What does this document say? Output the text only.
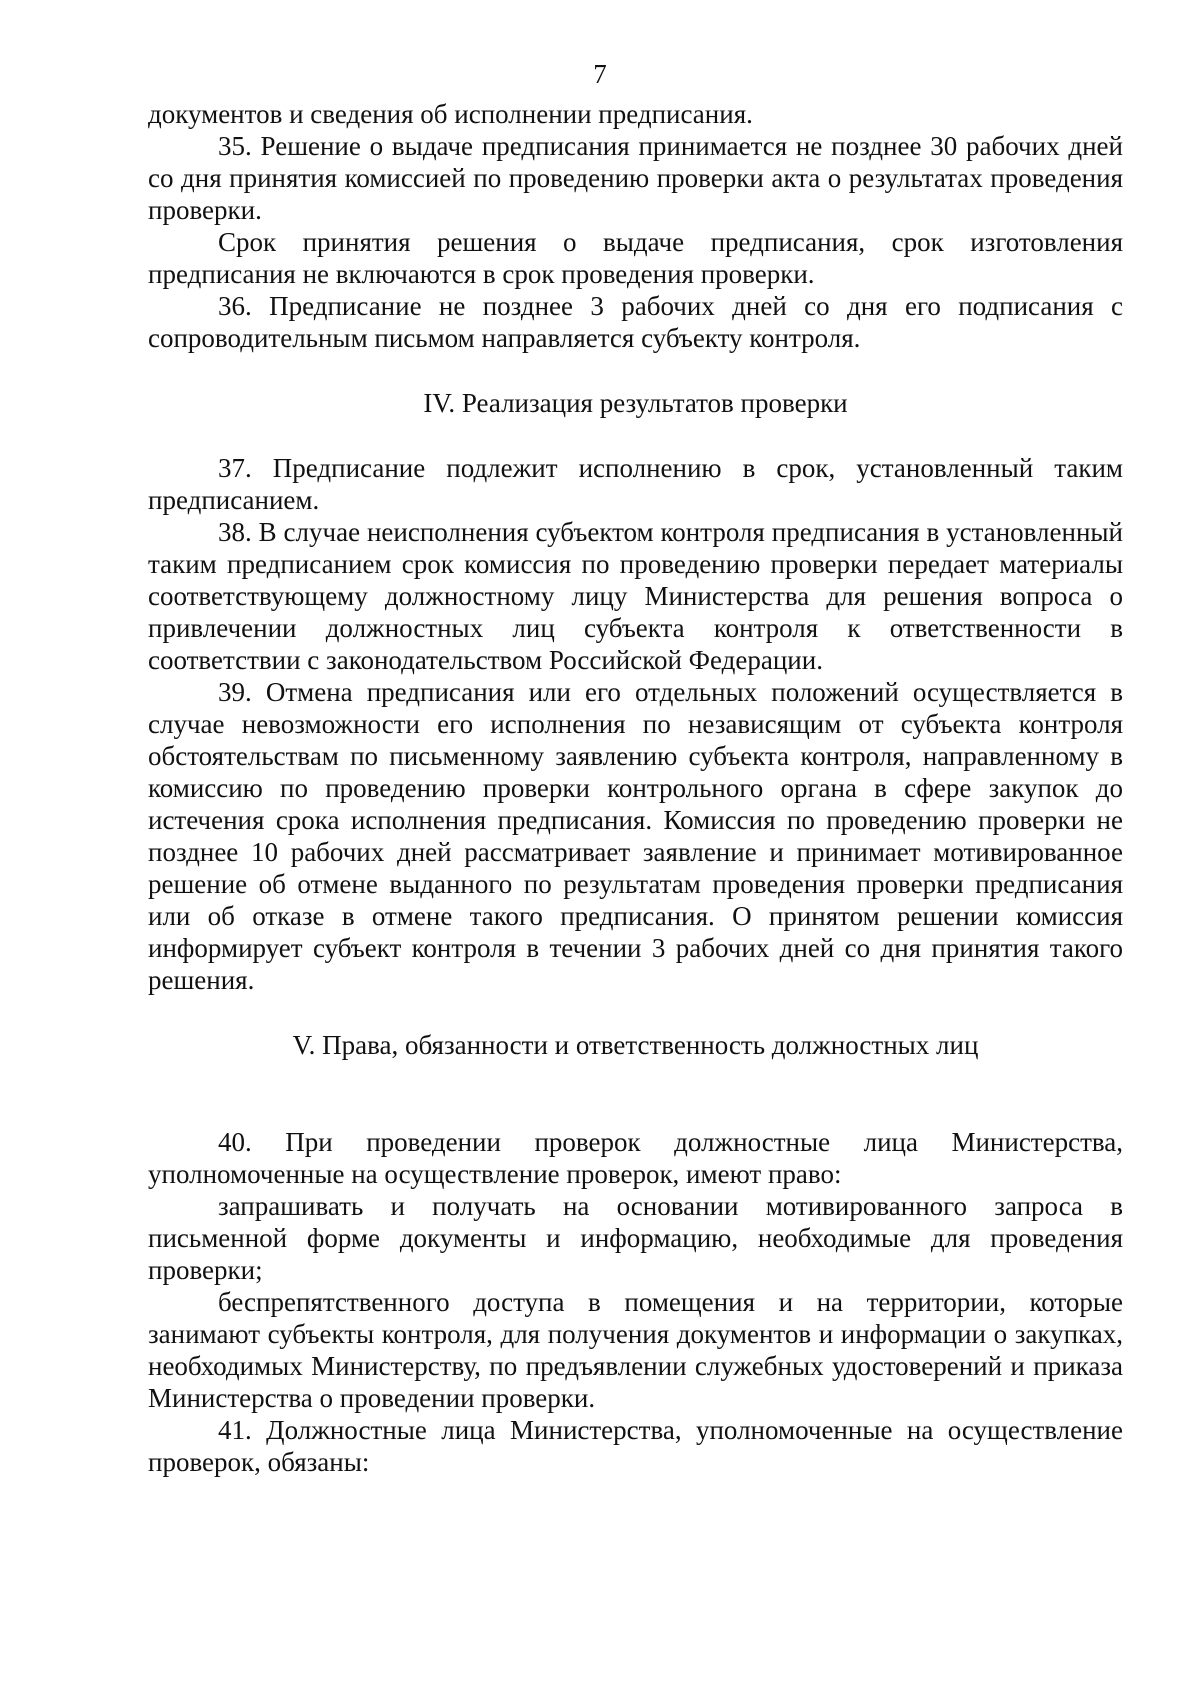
7

документов и сведения об исполнении предписания.

35. Решение о выдаче предписания принимается не позднее 30 рабочих дней со дня принятия комиссией по проведению проверки акта о результатах проведения проверки.

Срок принятия решения о выдаче предписания, срок изготовления предписания не включаются в срок проведения проверки.

36. Предписание не позднее 3 рабочих дней со дня его подписания с сопроводительным письмом направляется субъекту контроля.

IV. Реализация результатов проверки

37. Предписание подлежит исполнению в срок, установленный таким предписанием.

38. В случае неисполнения субъектом контроля предписания в установленный таким предписанием срок комиссия по проведению проверки передает материалы соответствующему должностному лицу Министерства для решения вопроса о привлечении должностных лиц субъекта контроля к ответственности в соответствии с законодательством Российской Федерации.

39. Отмена предписания или его отдельных положений осуществляется в случае невозможности его исполнения по независящим от субъекта контроля обстоятельствам по письменному заявлению субъекта контроля, направленному в комиссию по проведению проверки контрольного органа в сфере закупок до истечения срока исполнения предписания. Комиссия по проведению проверки не позднее 10 рабочих дней рассматривает заявление и принимает мотивированное решение об отмене выданного по результатам проведения проверки предписания или об отказе в отмене такого предписания. О принятом решении комиссия информирует субъект контроля в течении 3 рабочих дней со дня принятия такого решения.

V. Права, обязанности и ответственность должностных лиц

40. При проведении проверок должностные лица Министерства, уполномоченные на осуществление проверок, имеют право:

запрашивать и получать на основании мотивированного запроса в письменной форме документы и информацию, необходимые для проведения проверки;

беспрепятственного доступа в помещения и на территории, которые занимают субъекты контроля, для получения документов и информации о закупках, необходимых Министерству, по предъявлении служебных удостоверений и приказа Министерства о проведении проверки.

41. Должностные лица Министерства, уполномоченные на осуществление проверок, обязаны:
